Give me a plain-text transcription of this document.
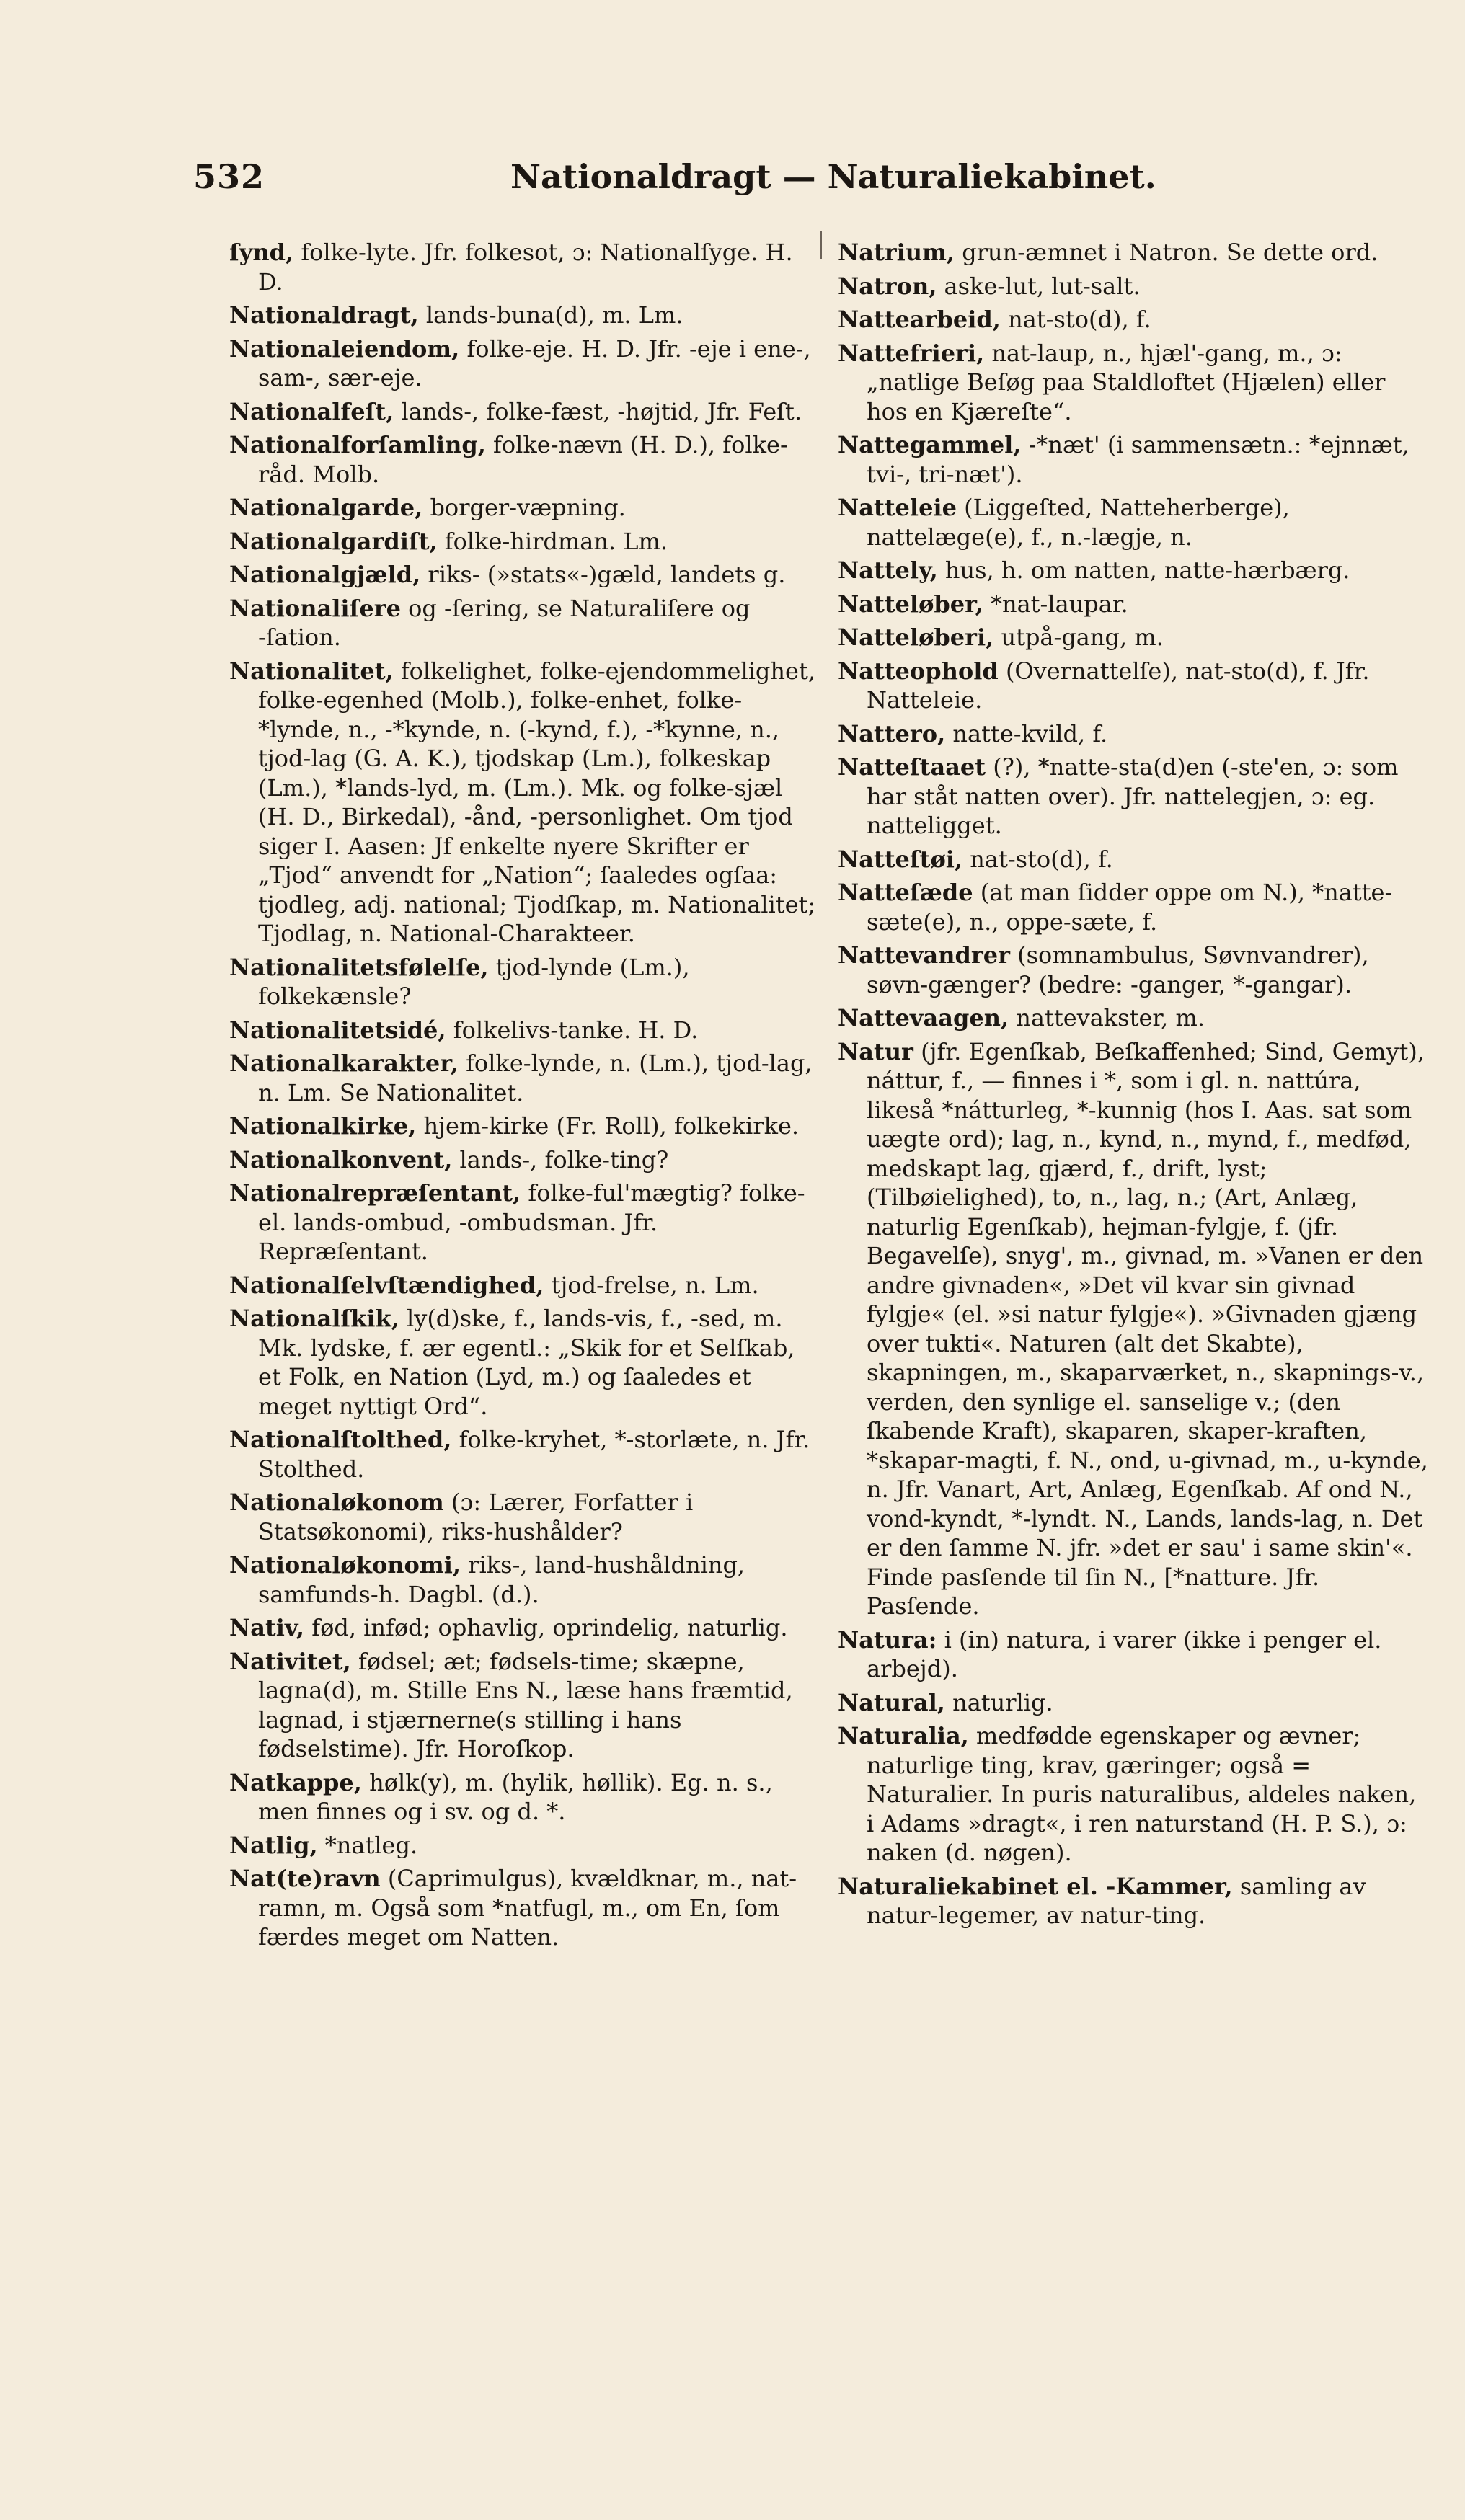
532	Nationaldragt — Naturaliekabinet.

ſynd, folke-lyte. Jfr. folkesot, ɔ: Nationalſyge. H. D.

Nationaldragt, lands-buna(d), m. Lm.

Nationaleiendom, folke-eje. H. D. Jfr. -eje i ene-, sam-, sær-eje.

Nationalfeſt, lands-, folke-fæst, -højtid, Jfr. Feſt.

Nationalforſamling, folke-nævn (H. D.), folke-råd. Molb.

Nationalgarde, borger-væpning.

Nationalgardiſt, folke-hirdman. Lm.

Nationalgjæld, riks- (»stats«-)gæld, landets g.

Nationaliſere og -ſering, se Naturaliſere og -ſation.

Nationalitet, folkelighet, folke-ejendommelighet, folke-egenhed (Molb.), folke-enhet, folke-*lynde, n., -*kynde, n. (-kynd, f.), -*kynne, n., tjod-lag (G. A. K.), tjodskap (Lm.), folkeskap (Lm.), *lands-lyd, m. (Lm.). Mk. og folke-sjæl (H. D., Birkedal), -ånd, -personlighet. Om tjod siger I. Aasen: Jf enkelte nyere Skrifter er „Tjod“ anvendt for „Nation“; ſaaledes ogſaa: tjodleg, adj. national; Tjodſkap, m. Nationalitet; Tjodlag, n. National-Charakteer.

Nationalitetsfølelſe, tjod-lynde (Lm.), folkekænsle?

Nationalitetsidé, folkelivs-tanke. H. D.

Nationalkarakter, folke-lynde, n. (Lm.), tjod-lag, n. Lm. Se Nationalitet.

Nationalkirke, hjem-kirke (Fr. Roll), folkekirke.

Nationalkonvent, lands-, folke-ting?

Nationalrepræſentant, folke-ful'mægtig? folke- el. lands-ombud, -ombudsman. Jfr. Repræſentant.

Nationalſelvſtændighed, tjod-frelse, n. Lm.

Nationalſkik, ly(d)ske, f., lands-vis, f., -sed, m. Mk. lydske, f. ær egentl.: „Skik for et Selſkab, et Folk, en Nation (Lyd, m.) og ſaaledes et meget nyttigt Ord“.

Nationalſtolthed, folke-kryhet, *-storlæte, n. Jfr. Stolthed.

Nationaløkonom (ɔ: Lærer, Forfatter i Statsøkonomi), riks-hushålder?

Nationaløkonomi, riks-, land-hushåldning, samfunds-h. Dagbl. (d.).

Nativ, fød, infød; ophavlig, oprindelig, naturlig.

Nativitet, fødsel; æt; fødsels-time; skæpne, lagna(d), m. Stille Ens N., læse hans fræmtid, lagnad, i stjærnerne(s stilling i hans fødselstime). Jfr. Horoſkop.

Natkappe, hølk(y), m. (hylik, høllik). Eg. n. s., men finnes og i sv. og d. *.

Natlig, *natleg.

Nat(te)ravn (Caprimulgus), kvældknar, m., nat-ramn, m. Også som *natfugl, m., om En, ſom færdes meget om Natten.

Natrium, grun-æmnet i Natron. Se dette ord.

Natron, aske-lut, lut-salt.

Nattearbeid, nat-sto(d), f.

Nattefrieri, nat-laup, n., hjæl'-gang, m., ɔ: „natlige Beſøg paa Staldloftet (Hjælen) eller hos en Kjæreſte“.

Nattegammel, -*næt' (i sammensætn.: *ejnnæt, tvi-, tri-næt').

Natteleie (Liggeſted, Natteherberge), nattelæge(e), f., n.-lægje, n.

Nattely, hus, h. om natten, natte-hærbærg.

Natteløber, *nat-laupar.

Natteløberi, utpå-gang, m.

Natteophold (Overnattelſe), nat-sto(d), f. Jfr. Natteleie.

Nattero, natte-kvild, f.

Natteſtaaet (?), *natte-sta(d)en (-ste'en, ɔ: som har ståt natten over). Jfr. nattelegjen, ɔ: eg. natteligget.

Natteſtøi, nat-sto(d), f.

Natteſæde (at man ſidder oppe om N.), *natte-sæte(e), n., oppe-sæte, f.

Nattevandrer (somnambulus, Søvnvandrer), søvn-gænger? (bedre: -ganger, *-gangar).

Nattevaagen, nattevakster, m.

Natur (jfr. Egenſkab, Beſkaffenhed; Sind, Gemyt), náttur, f., — finnes i *, som i gl. n. nattúra, likeså *nátturleg, *-kunnig (hos I. Aas. sat som uægte ord); lag, n., kynd, n., mynd, f., medfød, medskapt lag, gjærd, f., drift, lyst; (Tilbøielighed), to, n., lag, n.; (Art, Anlæg, naturlig Egenſkab), hejman-fylgje, f. (jfr. Begavelſe), snyg', m., givnad, m. »Vanen er den andre givnaden«, »Det vil kvar sin givnad fylgje« (el. »si natur fylgje«). »Givnaden gjæng over tukti«. Naturen (alt det Skabte), skapningen, m., skaparværket, n., skapnings-v., verden, den synlige el. sanselige v.; (den ſkabende Kraft), skaparen, skaper-kraften, *skapar-magti, f. N., ond, u-givnad, m., u-kynde, n. Jfr. Vanart, Art, Anlæg, Egenſkab. Af ond N., vond-kyndt, *-lyndt. N., Lands, lands-lag, n. Det er den ſamme N. jfr. »det er sau' i same skin'«. Finde pasſende til ſin N., [*natture. Jfr. Pasſende.

Natura: i (in) natura, i varer (ikke i penger el. arbejd).

Natural, naturlig.

Naturalia, medfødde egenskaper og ævner; naturlige ting, krav, gæringer; også = Naturalier. In puris naturalibus, aldeles naken, i Adams »dragt«, i ren naturstand (H. P. S.), ɔ: naken (d. nøgen).

Naturaliekabinet el. -Kammer, samling av natur-legemer, av natur-ting.
